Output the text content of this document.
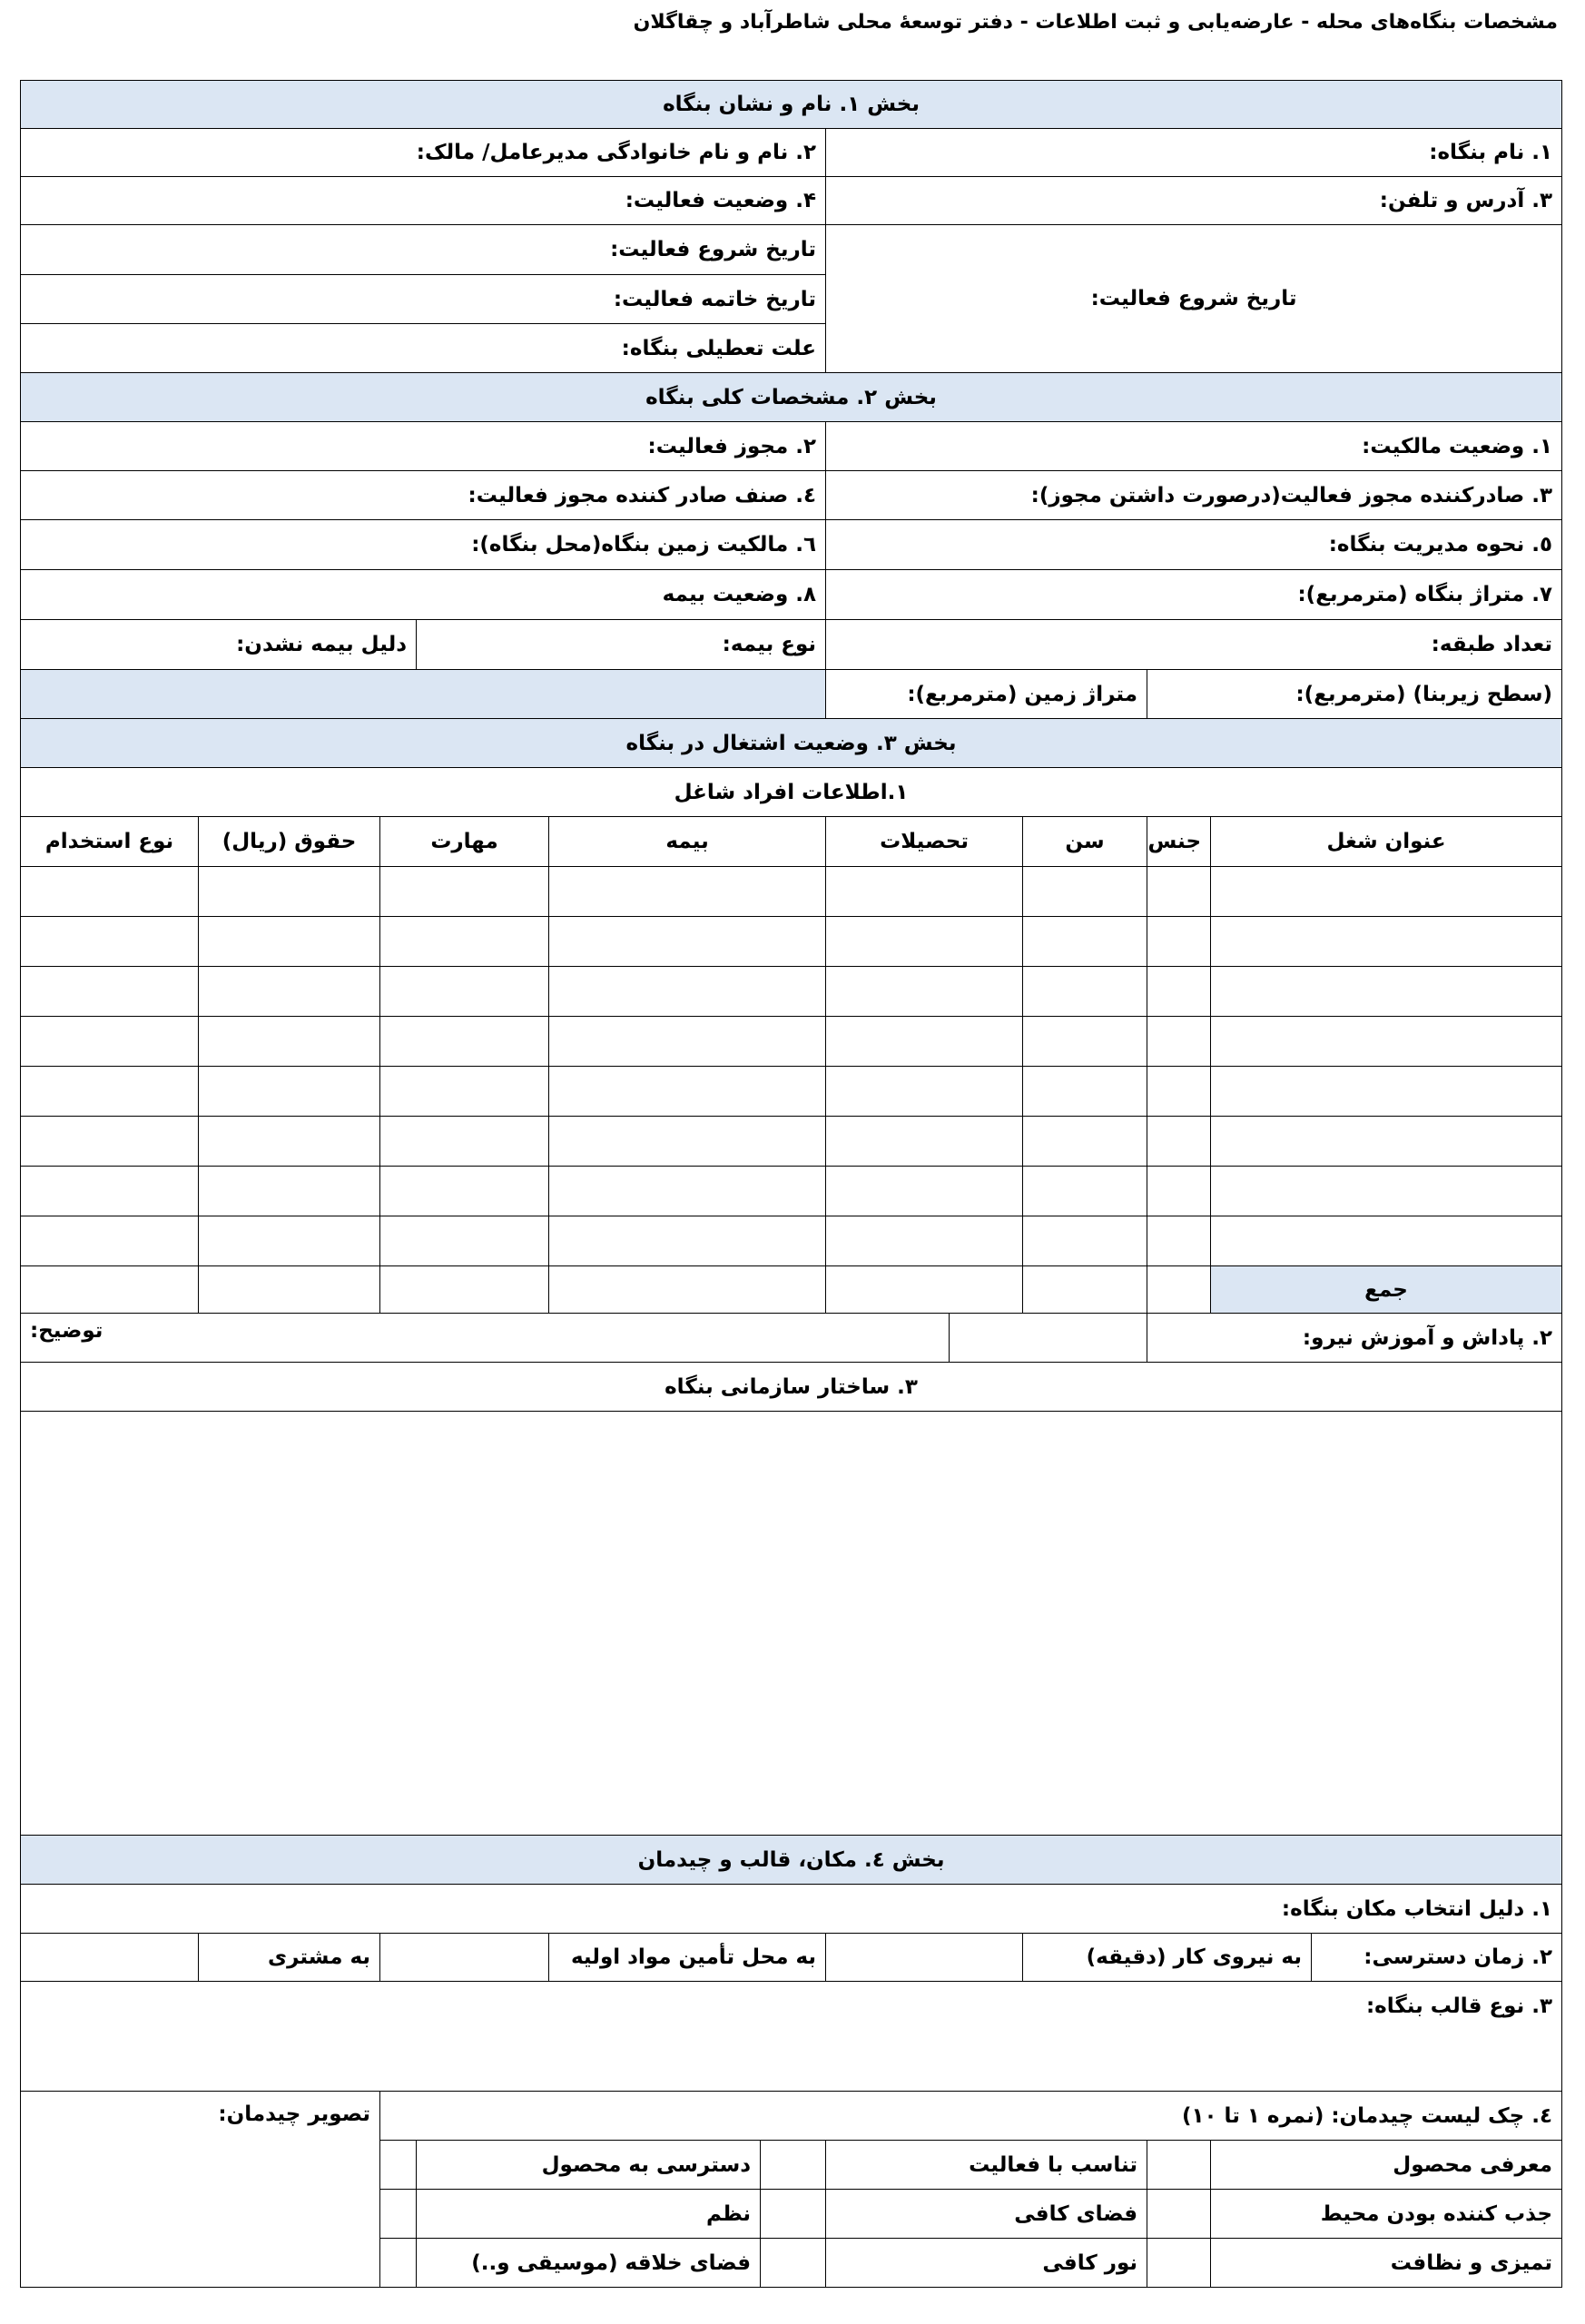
مشخصات بنگاه‌های محله - عارضه‌یابی و ثبت اطلاعات - دفتر توسعهٔ محلی شاطرآباد و چقاگلان
بخش ۱. نام و نشان بنگاه											
۱. نام بنگاه:						۲. نام و نام خانوادگی مدیرعامل/ مالک:					
۳. آدرس و تلفن:						۴. وضعیت فعالیت:					
تاریخ شروع فعالیت:						تاریخ شروع فعالیت:					
						تاریخ خاتمه فعالیت:					
						علت تعطیلی بنگاه:					
بخش ۲. مشخصات کلی بنگاه											
۱. وضعیت مالکیت:						۲. مجوز فعالیت:					
۳. صادرکننده مجوز فعالیت(درصورت داشتن مجوز):						٤. صنف صادر کننده مجوز فعالیت:					
٥. نحوه مدیریت بنگاه:						٦. مالکیت زمین بنگاه(محل بنگاه):					
۷. متراژ بنگاه (مترمربع):						۸. وضعیت بیمه					
تعداد طبقه:						نوع بیمه:			دلیل بیمه نشدن:		
(سطح زیربنا) (مترمربع):			متراژ زمین (مترمربع):								
بخش ۳. وضعیت اشتغال در بنگاه											
۱.اطلاعات افراد شاغل											
عنوان شغل		جنس	سن	تحصیلات		بیمه		مهارت		حقوق (ریال)	نوع استخدام

جمع											
۲. پاداش و آموزش نیرو:					توضیح:						
۳. ساختار سازمانی بنگاه											

بخش ٤. مکان، قالب و چیدمان											
۱. دلیل انتخاب مکان بنگاه:											
۲. زمان دسترسی:	به نیروی کار (دقیقه)					به محل تأمین مواد اولیه				به مشتری	
۳. نوع قالب بنگاه:											
٤. چک لیست چیدمان: (نمره ۱ تا ۱۰)										تصویر چیدمان:	
معرفی محصول			تناسب با فعالیت				دسترسی به محصول				
جذب کننده بودن محیط			فضای کافی				نظم				
تمیزی و نظافت			نور کافی				فضای خلاقه (موسیقی و..)				
